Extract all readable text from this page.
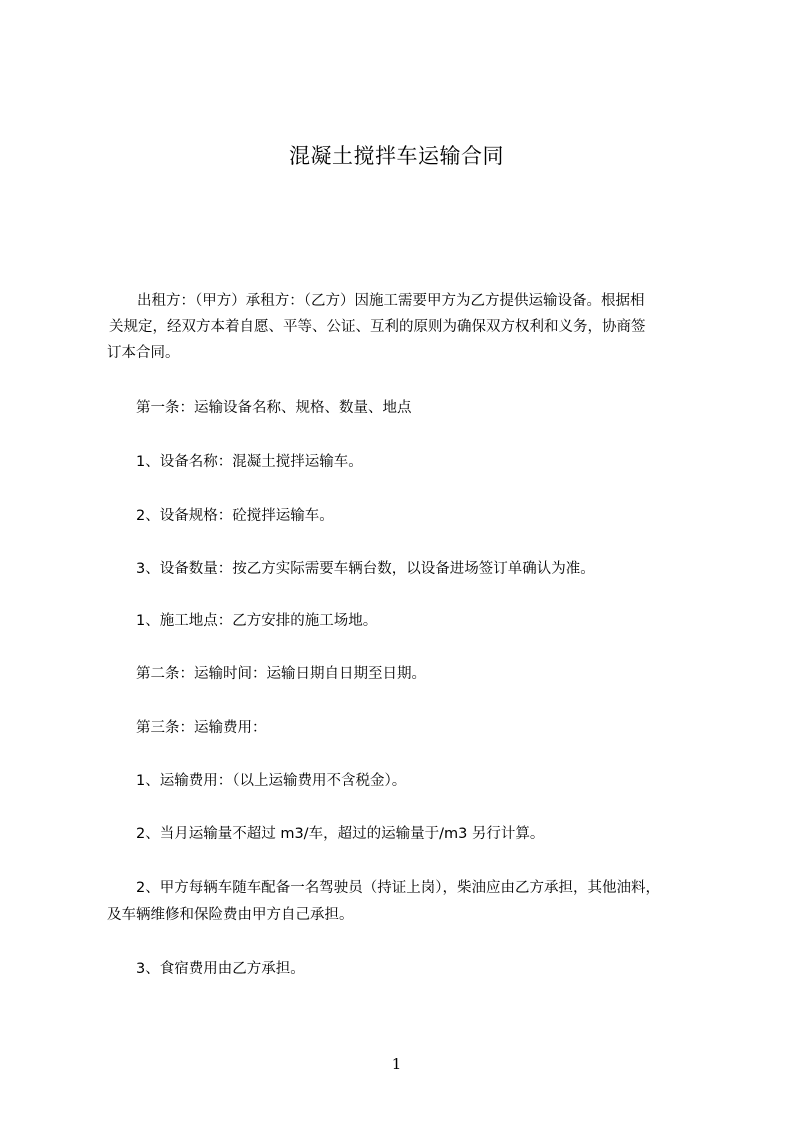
混凝土搅拌车运输合同
出租方：（甲方）承租方：（乙方）因施工需要甲方为乙方提供运输设备。根据相
关规定，经双方本着自愿、平等、公证、互利的原则为确保双方权利和义务，协商签
订本合同。
第一条：运输设备名称、规格、数量、地点
1、设备名称：混凝土搅拌运输车。
2、设备规格：砼搅拌运输车。
3、设备数量：按乙方实际需要车辆台数，以设备进场签订单确认为准。
1、施工地点：乙方安排的施工场地。
第二条：运输时间：运输日期自日期至日期。
第三条：运输费用：
1、运输费用：（以上运输费用不含税金）。
2、当月运输量不超过 m3/车，超过的运输量于/m3 另行计算。
2、甲方每辆车随车配备一名驾驶员（持证上岗），柴油应由乙方承担，其他油料，
及车辆维修和保险费由甲方自己承担。
3、食宿费用由乙方承担。
1
